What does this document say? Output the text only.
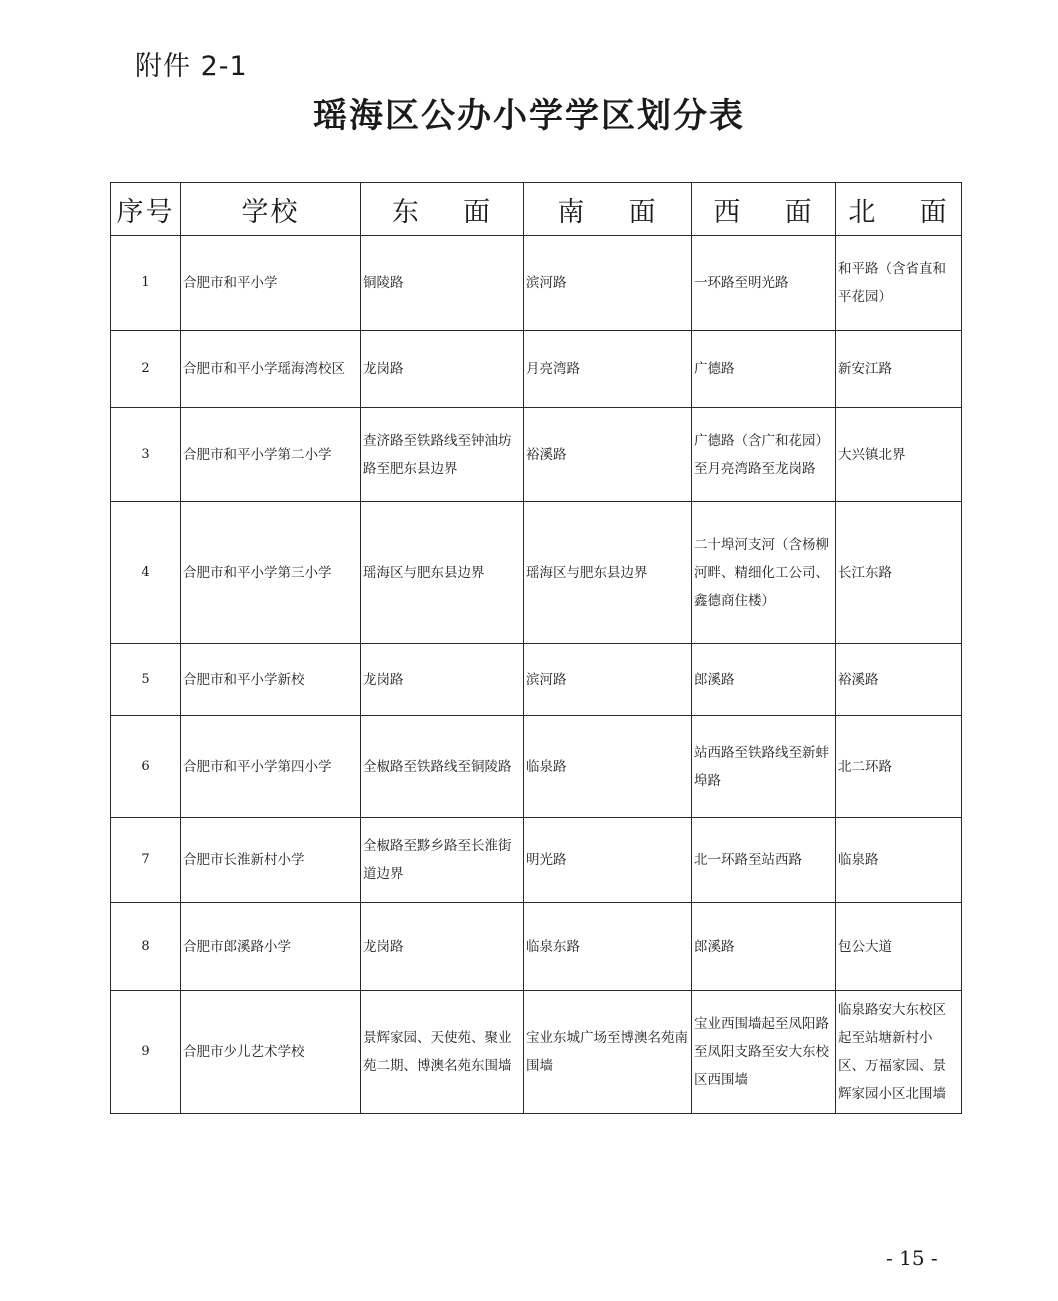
附件 2-1
瑶海区公办小学学区划分表
序号	学校	东    面	南    面	西    面	北    面
1	合肥市和平小学	铜陵路	滨河路	一环路至明光路	和平路（含省直和平花园）
2	合肥市和平小学瑶海湾校区	龙岗路	月亮湾路	广德路	新安江路
3	合肥市和平小学第二小学	查济路至铁路线至钟油坊路至肥东县边界	裕溪路	广德路（含广和花园）至月亮湾路至龙岗路	大兴镇北界
4	合肥市和平小学第三小学	瑶海区与肥东县边界	瑶海区与肥东县边界	二十埠河支河（含杨柳河畔、精细化工公司、鑫德商住楼）	长江东路
5	合肥市和平小学新校	龙岗路	滨河路	郎溪路	裕溪路
6	合肥市和平小学第四小学	全椒路至铁路线至铜陵路	临泉路	站西路至铁路线至新蚌埠路	北二环路
7	合肥市长淮新村小学	全椒路至黟乡路至长淮街道边界	明光路	北一环路至站西路	临泉路
8	合肥市郎溪路小学	龙岗路	临泉东路	郎溪路	包公大道
9	合肥市少儿艺术学校	景辉家园、天使苑、聚业苑二期、博澳名苑东围墙	宝业东城广场至博澳名苑南围墙	宝业西围墙起至凤阳路至凤阳支路至安大东校区西围墙	临泉路安大东校区起至站塘新村小区、万福家园、景辉家园小区北围墙
- 15 -
